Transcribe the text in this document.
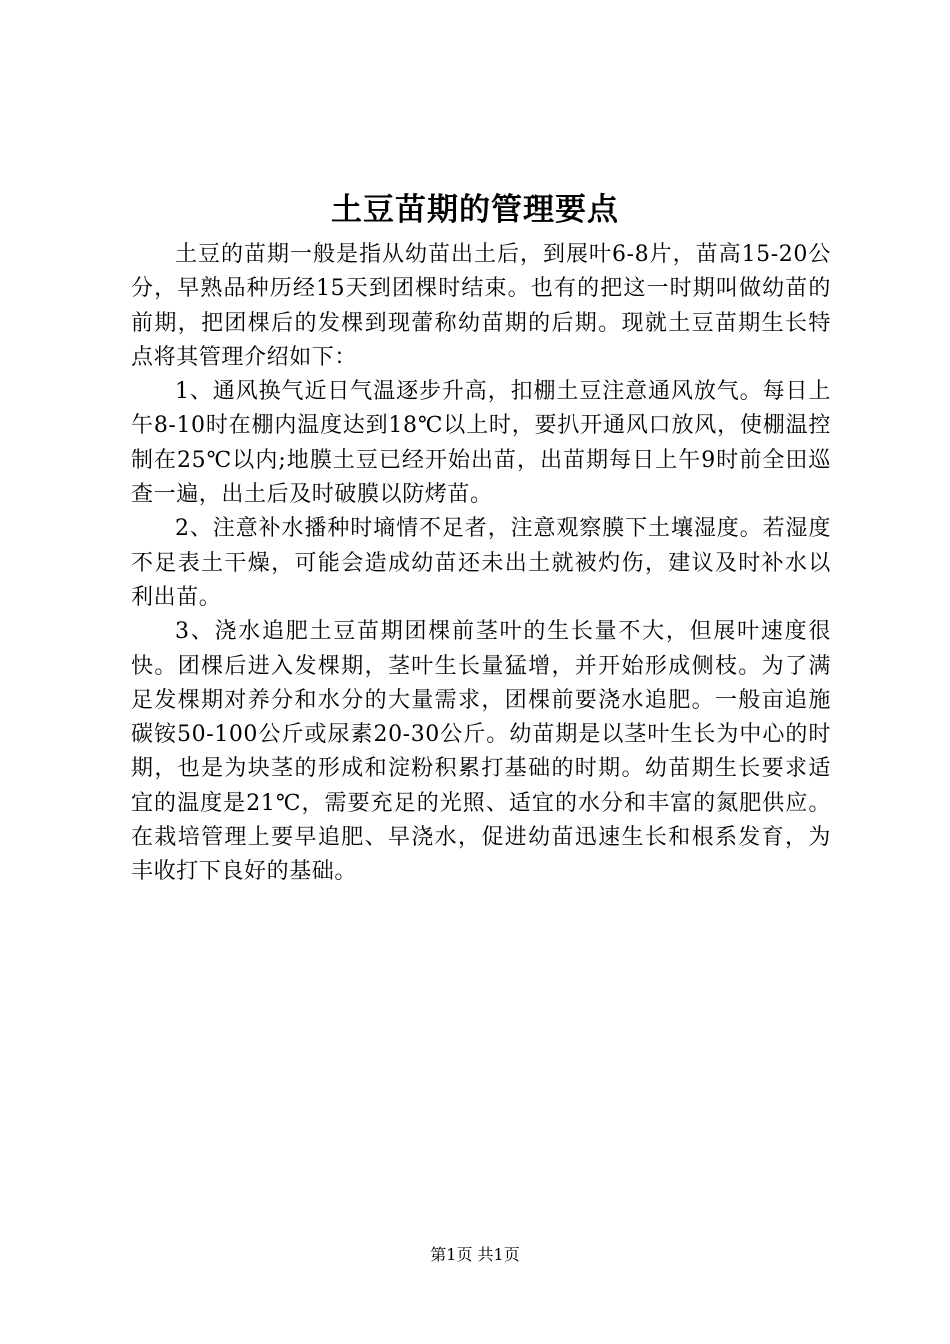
土豆苗期的管理要点

土豆的苗期一般是指从幼苗出土后，到展叶6-8片，苗高15-20公分，早熟品种历经15天到团棵时结束。也有的把这一时期叫做幼苗的前期，把团棵后的发棵到现蕾称幼苗期的后期。现就土豆苗期生长特点将其管理介绍如下：

1、通风换气近日气温逐步升高，扣棚土豆注意通风放气。每日上午8-10时在棚内温度达到18℃以上时，要扒开通风口放风，使棚温控制在25℃以内;地膜土豆已经开始出苗，出苗期每日上午9时前全田巡查一遍，出土后及时破膜以防烤苗。

2、注意补水播种时墒情不足者，注意观察膜下土壤湿度。若湿度不足表土干燥，可能会造成幼苗还未出土就被灼伤，建议及时补水以利出苗。

3、浇水追肥土豆苗期团棵前茎叶的生长量不大，但展叶速度很快。团棵后进入发棵期，茎叶生长量猛增，并开始形成侧枝。为了满足发棵期对养分和水分的大量需求，团棵前要浇水追肥。一般亩追施碳铵50-100公斤或尿素20-30公斤。幼苗期是以茎叶生长为中心的时期，也是为块茎的形成和淀粉积累打基础的时期。幼苗期生长要求适宜的温度是21℃，需要充足的光照、适宜的水分和丰富的氮肥供应。在栽培管理上要早追肥、早浇水，促进幼苗迅速生长和根系发育，为丰收打下良好的基础。

第1页 共1页
